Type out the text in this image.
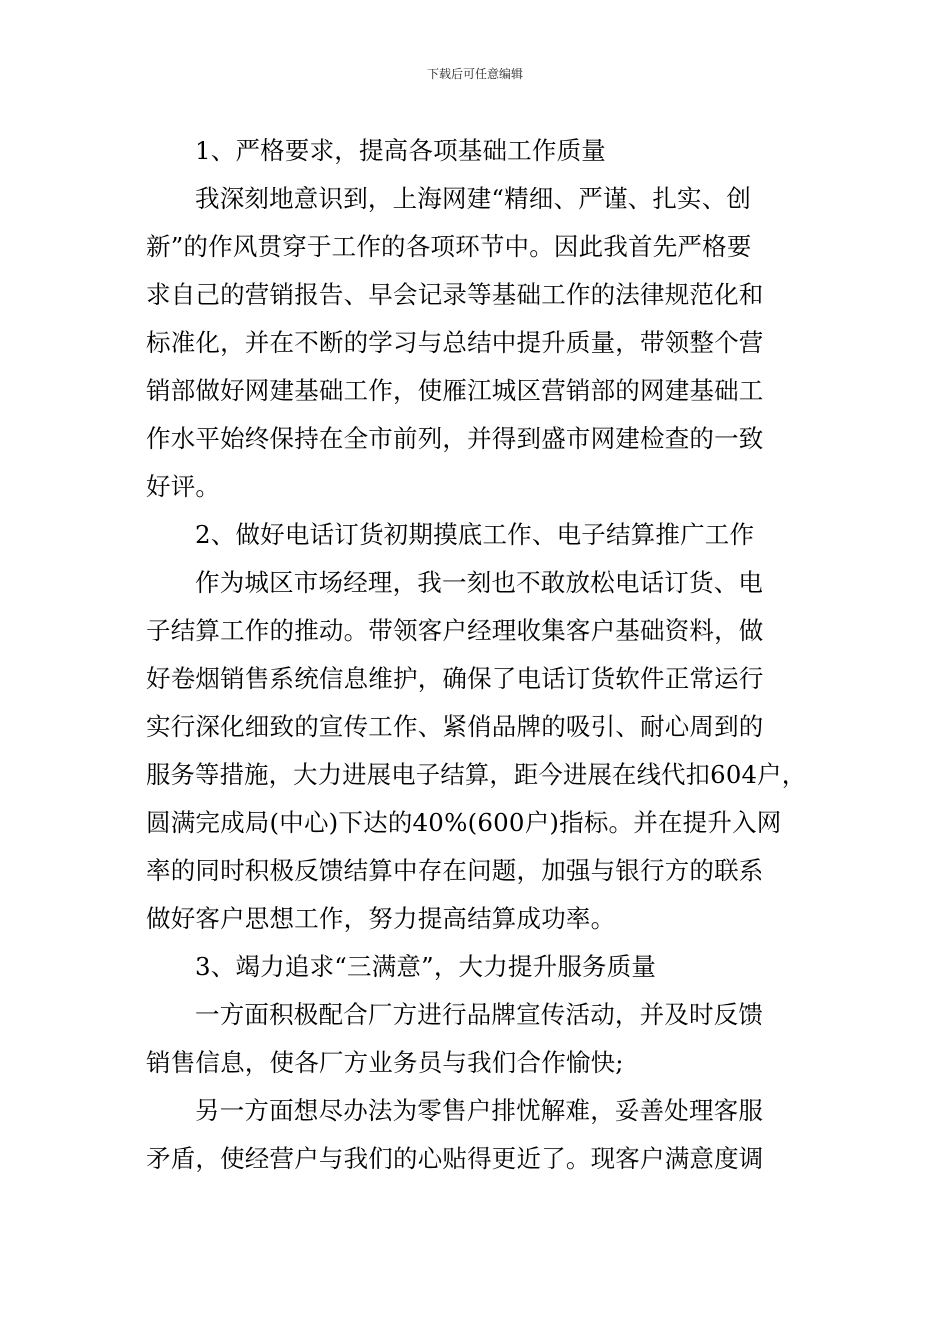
下载后可任意编辑
1、严格要求，提高各项基础工作质量
我深刻地意识到，上海网建“精细、严谨、扎实、创
新”的作风贯穿于工作的各项环节中。因此我首先严格要
求自己的营销报告、早会记录等基础工作的法律规范化和
标准化，并在不断的学习与总结中提升质量，带领整个营
销部做好网建基础工作，使雁江城区营销部的网建基础工
作水平始终保持在全市前列，并得到盛市网建检查的一致
好评。
2、做好电话订货初期摸底工作、电子结算推广工作
作为城区市场经理，我一刻也不敢放松电话订货、电
子结算工作的推动。带领客户经理收集客户基础资料，做
好卷烟销售系统信息维护，确保了电话订货软件正常运行
实行深化细致的宣传工作、紧俏品牌的吸引、耐心周到的
服务等措施，大力进展电子结算，距今进展在线代扣604户，
圆满完成局(中心)下达的40%(600户)指标。并在提升入网
率的同时积极反馈结算中存在问题，加强与银行方的联系
做好客户思想工作，努力提高结算成功率。
3、竭力追求“三满意”，大力提升服务质量
一方面积极配合厂方进行品牌宣传活动，并及时反馈
销售信息，使各厂方业务员与我们合作愉快;
另一方面想尽办法为零售户排忧解难，妥善处理客服
矛盾，使经营户与我们的心贴得更近了。现客户满意度调
